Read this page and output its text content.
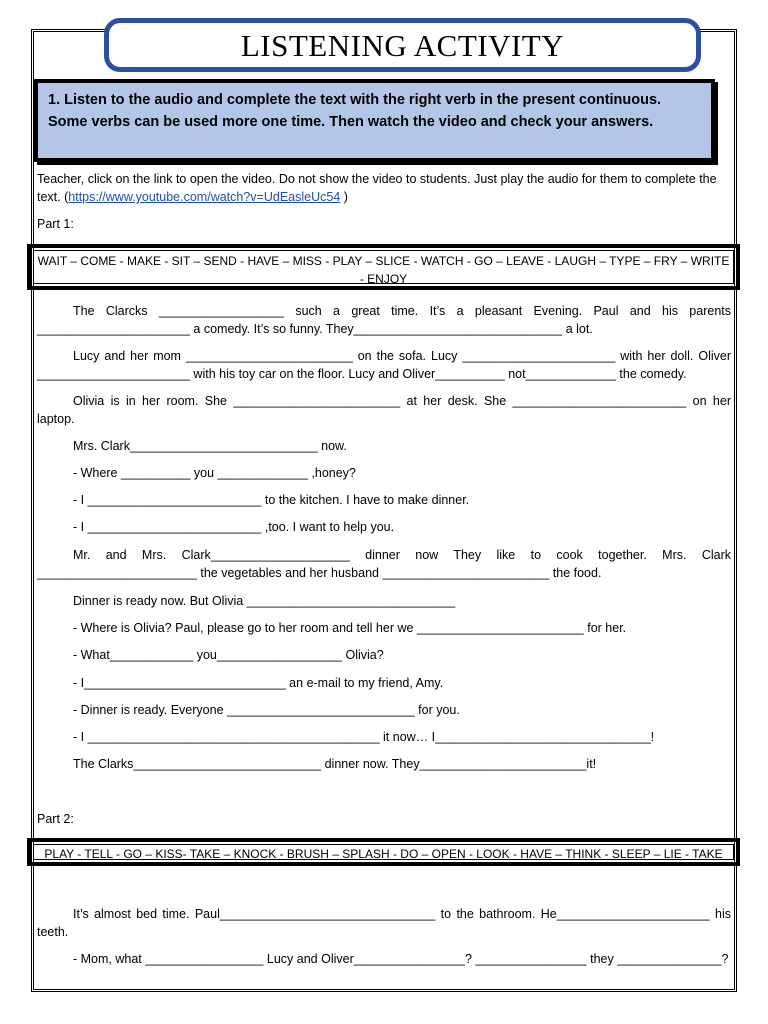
LISTENING ACTIVITY

1. Listen to the audio and complete the text with the right verb in the present continuous. Some verbs can be used more one time. Then watch the video and check your answers.

Teacher, click on the link to open the video. Do not show the video to students. Just play the audio for them to complete the text. (https://www.youtube.com/watch?v=UdEasleUc54 )

Part 1:

WAIT – COME - MAKE - SIT – SEND - HAVE – MISS - PLAY – SLICE - WATCH - GO – LEAVE - LAUGH – TYPE – FRY – WRITE - ENJOY

The Clarcks __________________ such a great time. It’s a pleasant Evening. Paul and his parents ______________________ a comedy. It’s so funny. They______________________________ a lot.

Lucy and her mom ________________________ on the sofa. Lucy ______________________ with her doll. Oliver ______________________ with his toy car on the floor. Lucy and Oliver__________ not_____________ the comedy.

Olivia is in her room. She ________________________ at her desk. She _________________________ on her laptop.

Mrs. Clark___________________________ now.

- Where __________ you _____________ ,honey?

- I _________________________ to the kitchen. I have to make dinner.

- I _________________________ ,too. I want to help you.

Mr. and Mrs. Clark____________________ dinner now They like to cook together. Mrs. Clark _______________________ the vegetables and her husband ________________________ the food.

Dinner is ready now. But Olivia ______________________________

- Where is Olivia? Paul, please go to her room and tell her we ________________________ for her.

- What____________ you__________________ Olivia?

- I_____________________________ an e-mail to my friend, Amy.

- Dinner is ready. Everyone ___________________________ for you.

- I __________________________________________ it now… I_______________________________!

The Clarks___________________________ dinner now. They________________________it!

Part 2:

PLAY - TELL - GO – KISS- TAKE – KNOCK - BRUSH – SPLASH - DO – OPEN - LOOK - HAVE – THINK - SLEEP – LIE - TAKE

It’s almost bed time. Paul_______________________________ to the bathroom. He______________________ his teeth.

- Mom, what _________________ Lucy and Oliver________________? ________________ they _______________?
